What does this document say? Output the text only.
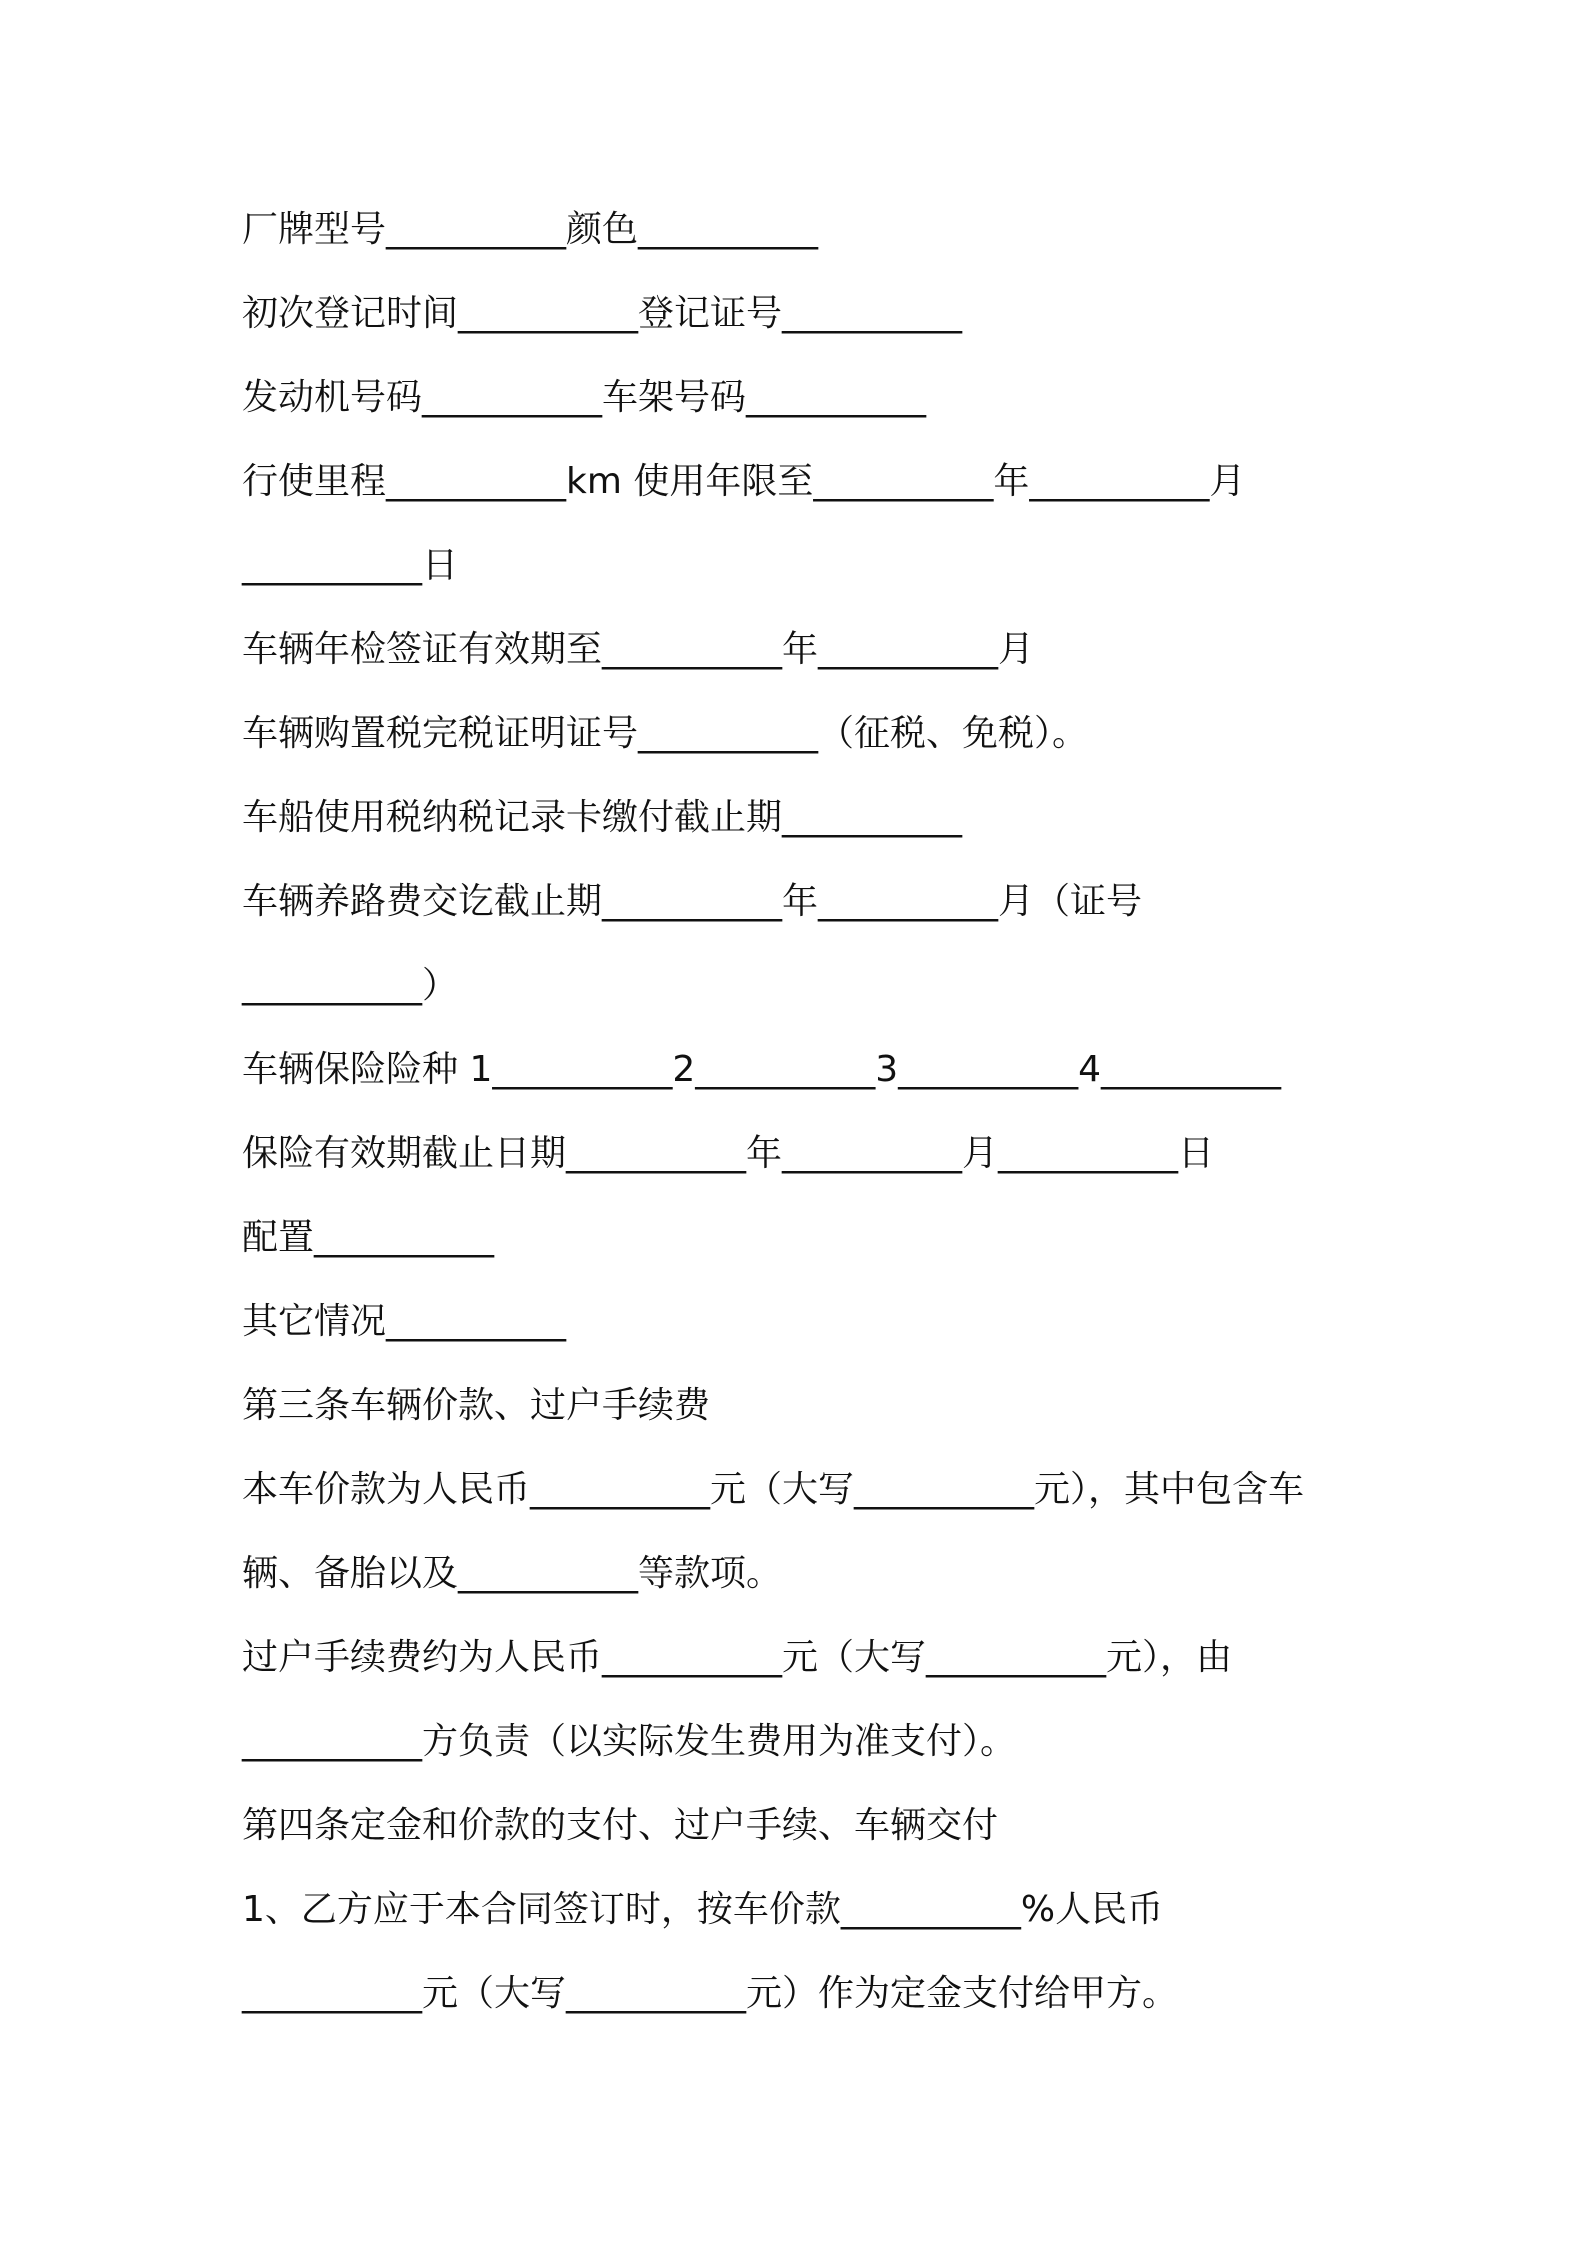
厂牌型号__________颜色__________
初次登记时间__________登记证号__________
发动机号码__________车架号码__________
行使里程__________km 使用年限至__________年__________月
__________日
车辆年检签证有效期至__________年__________月
车辆购置税完税证明证号__________（征税、免税）。
车船使用税纳税记录卡缴付截止期__________
车辆养路费交讫截止期__________年__________月（证号
__________）
车辆保险险种 1__________2__________3__________4__________
保险有效期截止日期__________年__________月__________日
配置__________
其它情况__________
第三条车辆价款、过户手续费
本车价款为人民币__________元（大写__________元），其中包含车
辆、备胎以及__________等款项。
过户手续费约为人民币__________元（大写__________元），由
__________方负责（以实际发生费用为准支付）。
第四条定金和价款的支付、过户手续、车辆交付
1、乙方应于本合同签订时，按车价款__________%人民币
__________元（大写__________元）作为定金支付给甲方。
